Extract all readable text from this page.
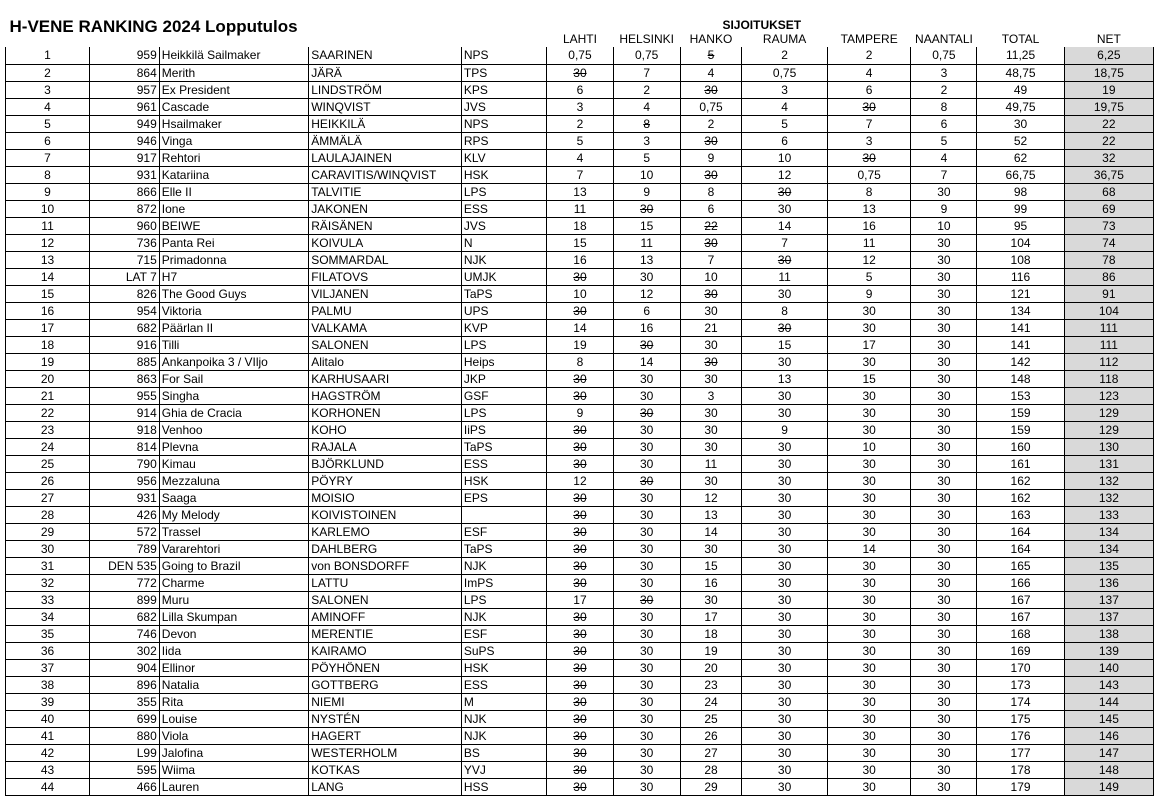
H-VENE RANKING 2024 Lopputulos					SIJOITUKSET							
					LAHTI	HELSINKI	HANKO	RAUMA	TAMPERE	NAANTALI	TOTAL	NET
1	959	Heikkilä Sailmaker	SAARINEN	NPS	0,75	0,75	5	2	2	0,75	11,25	6,25
2	864	Merith	JÄRÄ	TPS	30	7	4	0,75	4	3	48,75	18,75
3	957	Ex President	LINDSTRÖM	KPS	6	2	30	3	6	2	49	19
4	961	Cascade	WINQVIST	JVS	3	4	0,75	4	30	8	49,75	19,75
5	949	Hsailmaker	HEIKKILÄ	NPS	2	8	2	5	7	6	30	22
6	946	Vinga	ÄMMÄLÄ	RPS	5	3	30	6	3	5	52	22
7	917	Rehtori	LAULAJAINEN	KLV	4	5	9	10	30	4	62	32
8	931	Katariina	CARAVITIS/WINQVIST	HSK	7	10	30	12	0,75	7	66,75	36,75
9	866	Elle II	TALVITIE	LPS	13	9	8	30	8	30	98	68
10	872	Ione	JAKONEN	ESS	11	30	6	30	13	9	99	69
11	960	BEIWE	RÄISÄNEN	JVS	18	15	22	14	16	10	95	73
12	736	Panta Rei	KOIVULA	N	15	11	30	7	11	30	104	74
13	715	Primadonna	SOMMARDAL	NJK	16	13	7	30	12	30	108	78
14	LAT 7	H7	FILATOVS	UMJK	30	30	10	11	5	30	116	86
15	826	The Good Guys	VILJANEN	TaPS	10	12	30	30	9	30	121	91
16	954	Viktoria	PALMU	UPS	30	6	30	8	30	30	134	104
17	682	Päärlan II	VALKAMA	KVP	14	16	21	30	30	30	141	111
18	916	Tilli	SALONEN	LPS	19	30	30	15	17	30	141	111
19	885	Ankanpoika 3 / VIljo	Alitalo	Heips	8	14	30	30	30	30	142	112
20	863	For Sail	KARHUSAARI	JKP	30	30	30	13	15	30	148	118
21	955	Singha	HAGSTRÖM	GSF	30	30	3	30	30	30	153	123
22	914	Ghia de Cracia	KORHONEN	LPS	9	30	30	30	30	30	159	129
23	918	Venhoo	KOHO	IiPS	30	30	30	9	30	30	159	129
24	814	Plevna	RAJALA	TaPS	30	30	30	30	10	30	160	130
25	790	Kimau	BJÖRKLUND	ESS	30	30	11	30	30	30	161	131
26	956	Mezzaluna	PÖYRY	HSK	12	30	30	30	30	30	162	132
27	931	Saaga	MOISIO	EPS	30	30	12	30	30	30	162	132
28	426	My Melody	KOIVISTOINEN		30	30	13	30	30	30	163	133
29	572	Trassel	KARLEMO	ESF	30	30	14	30	30	30	164	134
30	789	Vararehtori	DAHLBERG	TaPS	30	30	30	30	14	30	164	134
31	DEN 535	Going to Brazil	von BONSDORFF	NJK	30	30	15	30	30	30	165	135
32	772	Charme	LATTU	ImPS	30	30	16	30	30	30	166	136
33	899	Muru	SALONEN	LPS	17	30	30	30	30	30	167	137
34	682	Lilla Skumpan	AMINOFF	NJK	30	30	17	30	30	30	167	137
35	746	Devon	MERENTIE	ESF	30	30	18	30	30	30	168	138
36	302	Iida	KAIRAMO	SuPS	30	30	19	30	30	30	169	139
37	904	Ellinor	PÖYHÖNEN	HSK	30	30	20	30	30	30	170	140
38	896	Natalia	GOTTBERG	ESS	30	30	23	30	30	30	173	143
39	355	Rita	NIEMI	M	30	30	24	30	30	30	174	144
40	699	Louise	NYSTÉN	NJK	30	30	25	30	30	30	175	145
41	880	Viola	HAGERT	NJK	30	30	26	30	30	30	176	146
42	L99	Jalofina	WESTERHOLM	BS	30	30	27	30	30	30	177	147
43	595	Wiima	KOTKAS	YVJ	30	30	28	30	30	30	178	148
44	466	Lauren	LANG	HSS	30	30	29	30	30	30	179	149
